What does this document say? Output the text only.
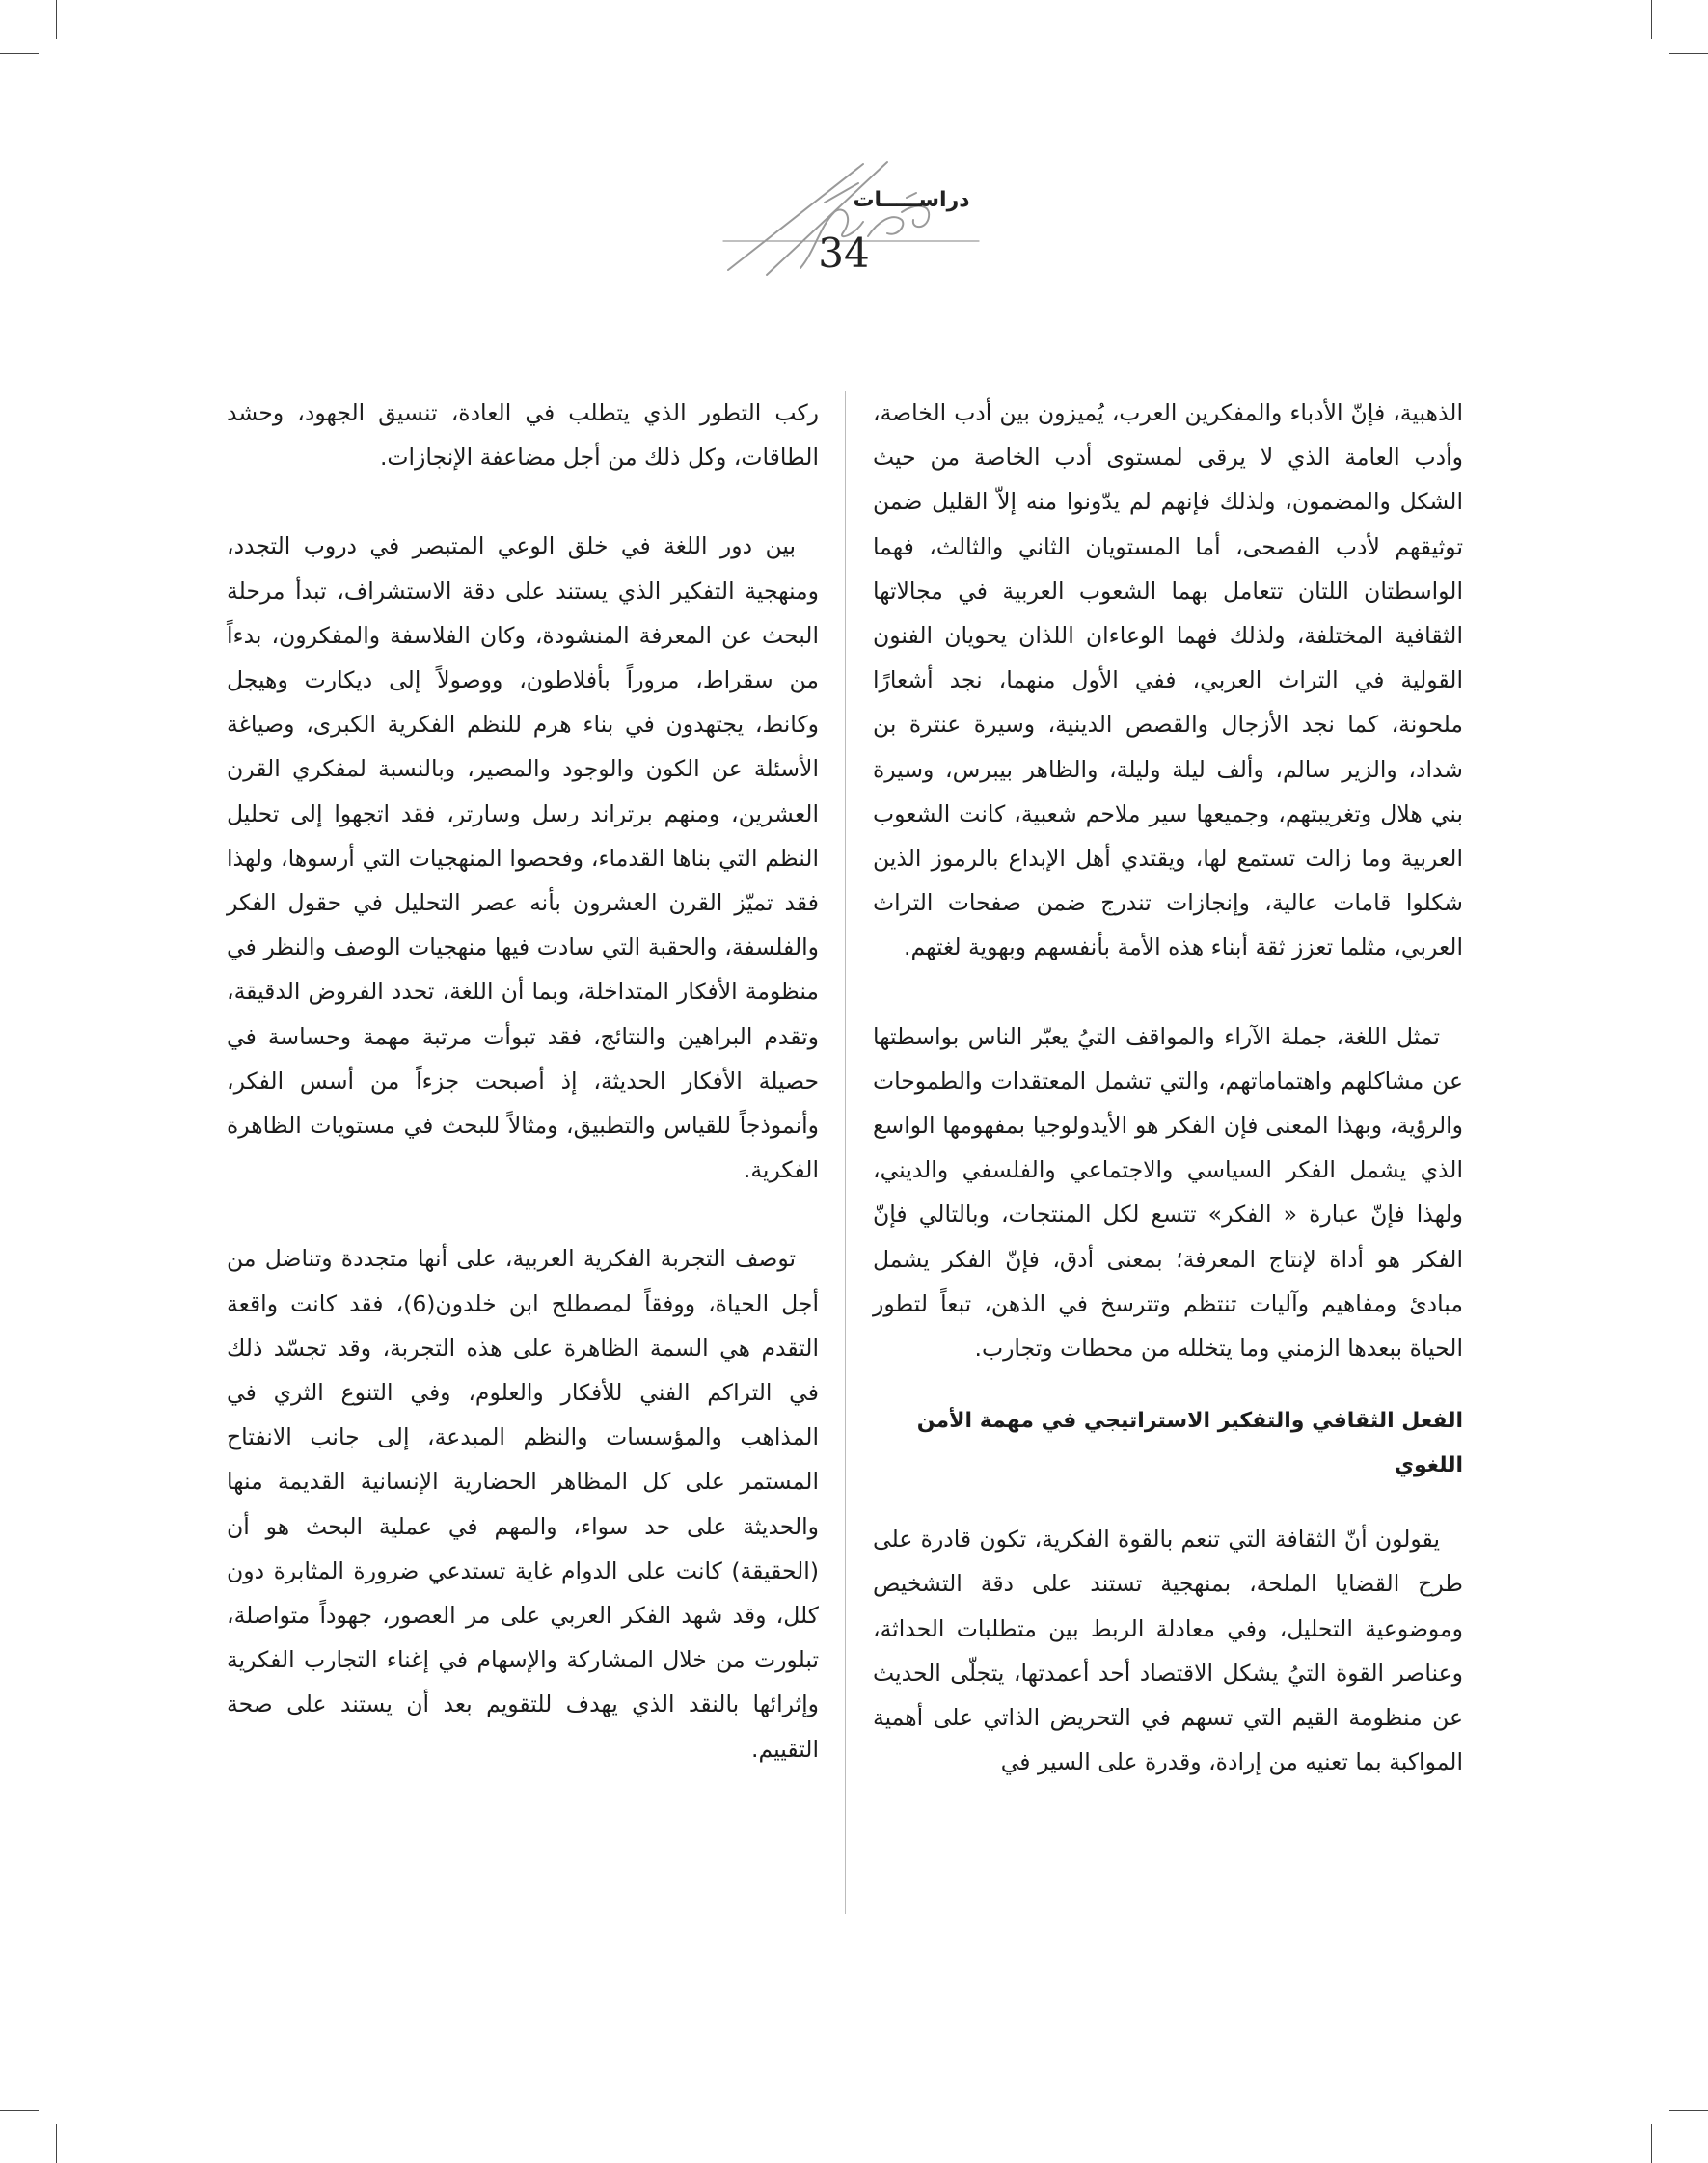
دراســـــات
34

الذهبية، فإنّ الأدباء والمفكرين العرب، يُميزون بين أدب الخاصة، وأدب العامة الذي لا يرقى لمستوى أدب الخاصة من حيث الشكل والمضمون، ولذلك فإنهم لم يدّونوا منه إلاّ القليل ضمن توثيقهم لأدب الفصحى، أما المستويان الثاني والثالث، فهما الواسطتان اللتان تتعامل بهما الشعوب العربية في مجالاتها الثقافية المختلفة، ولذلك فهما الوعاءان اللذان يحويان الفنون القولية في التراث العربي، ففي الأول منهما، نجد أشعارًا ملحونة، كما نجد الأزجال والقصص الدينية، وسيرة عنترة بن شداد، والزير سالم، وألف ليلة وليلة، والظاهر بيبرس، وسيرة بني هلال وتغريبتهم، وجميعها سير ملاحم شعبية، كانت الشعوب العربية وما زالت تستمع لها، ويقتدي أهل الإبداع بالرموز الذين شكلوا قامات عالية، وإنجازات تندرج ضمن صفحات التراث العربي، مثلما تعزز ثقة أبناء هذه الأمة بأنفسهم وبهوية لغتهم.

تمثل اللغة، جملة الآراء والمواقف التيُ يعبّر الناس بواسطتها عن مشاكلهم واهتماماتهم، والتي تشمل المعتقدات والطموحات والرؤية، وبهذا المعنى فإن الفكر هو الأيدولوجيا بمفهومها الواسع الذي يشمل الفكر السياسي والاجتماعي والفلسفي والديني، ولهذا فإنّ عبارة « الفكر» تتسع لكل المنتجات، وبالتالي فإنّ الفكر هو أداة لإنتاج المعرفة؛ بمعنى أدق، فإنّ الفكر يشمل مبادئ ومفاهيم وآليات تنتظم وتترسخ في الذهن، تبعاً لتطور الحياة ببعدها الزمني وما يتخلله من محطات وتجارب.

الفعل الثقافي والتفكير الاستراتيجي في مهمة الأمن اللغوي

يقولون أنّ الثقافة التي تنعم بالقوة الفكرية، تكون قادرة على طرح القضايا الملحة، بمنهجية تستند على دقة التشخيص وموضوعية التحليل، وفي معادلة الربط بين متطلبات الحداثة، وعناصر القوة التيُ يشكل الاقتصاد أحد أعمدتها، يتجلّى الحديث عن منظومة القيم التي تسهم في التحريض الذاتي على أهمية المواكبة بما تعنيه من إرادة، وقدرة على السير في

ركب التطور الذي يتطلب في العادة، تنسيق الجهود، وحشد الطاقات، وكل ذلك من أجل مضاعفة الإنجازات.

بين دور اللغة في خلق الوعي المتبصر في دروب التجدد، ومنهجية التفكير الذي يستند على دقة الاستشراف، تبدأ مرحلة البحث عن المعرفة المنشودة، وكان الفلاسفة والمفكرون، بدءاً من سقراط، مروراً بأفلاطون، ووصولاً إلى ديكارت وهيجل وكانط، يجتهدون في بناء هرم للنظم الفكرية الكبرى، وصياغة الأسئلة عن الكون والوجود والمصير، وبالنسبة لمفكري القرن العشرين، ومنهم برتراند رسل وسارتر، فقد اتجهوا إلى تحليل النظم التي بناها القدماء، وفحصوا المنهجيات التي أرسوها، ولهذا فقد تميّز القرن العشرون بأنه عصر التحليل في حقول الفكر والفلسفة، والحقبة التي سادت فيها منهجيات الوصف والنظر في منظومة الأفكار المتداخلة، وبما أن اللغة، تحدد الفروض الدقيقة، وتقدم البراهين والنتائج، فقد تبوأت مرتبة مهمة وحساسة في حصيلة الأفكار الحديثة، إذ أصبحت جزءاً من أسس الفكر، وأنموذجاً للقياس والتطبيق، ومثالاً للبحث في مستويات الظاهرة الفكرية.

توصف التجربة الفكرية العربية، على أنها متجددة وتناضل من أجل الحياة، ووفقاً لمصطلح ابن خلدون(6)، فقد كانت واقعة التقدم هي السمة الظاهرة على هذه التجربة، وقد تجسّد ذلك في التراكم الفني للأفكار والعلوم، وفي التنوع الثري في المذاهب والمؤسسات والنظم المبدعة، إلى جانب الانفتاح المستمر على كل المظاهر الحضارية الإنسانية القديمة منها والحديثة على حد سواء، والمهم في عملية البحث هو أن (الحقيقة) كانت على الدوام غاية تستدعي ضرورة المثابرة دون كلل، وقد شهد الفكر العربي على مر العصور، جهوداً متواصلة، تبلورت من خلال المشاركة والإسهام في إغناء التجارب الفكرية وإثرائها بالنقد الذي يهدف للتقويم بعد أن يستند على صحة التقييم.
